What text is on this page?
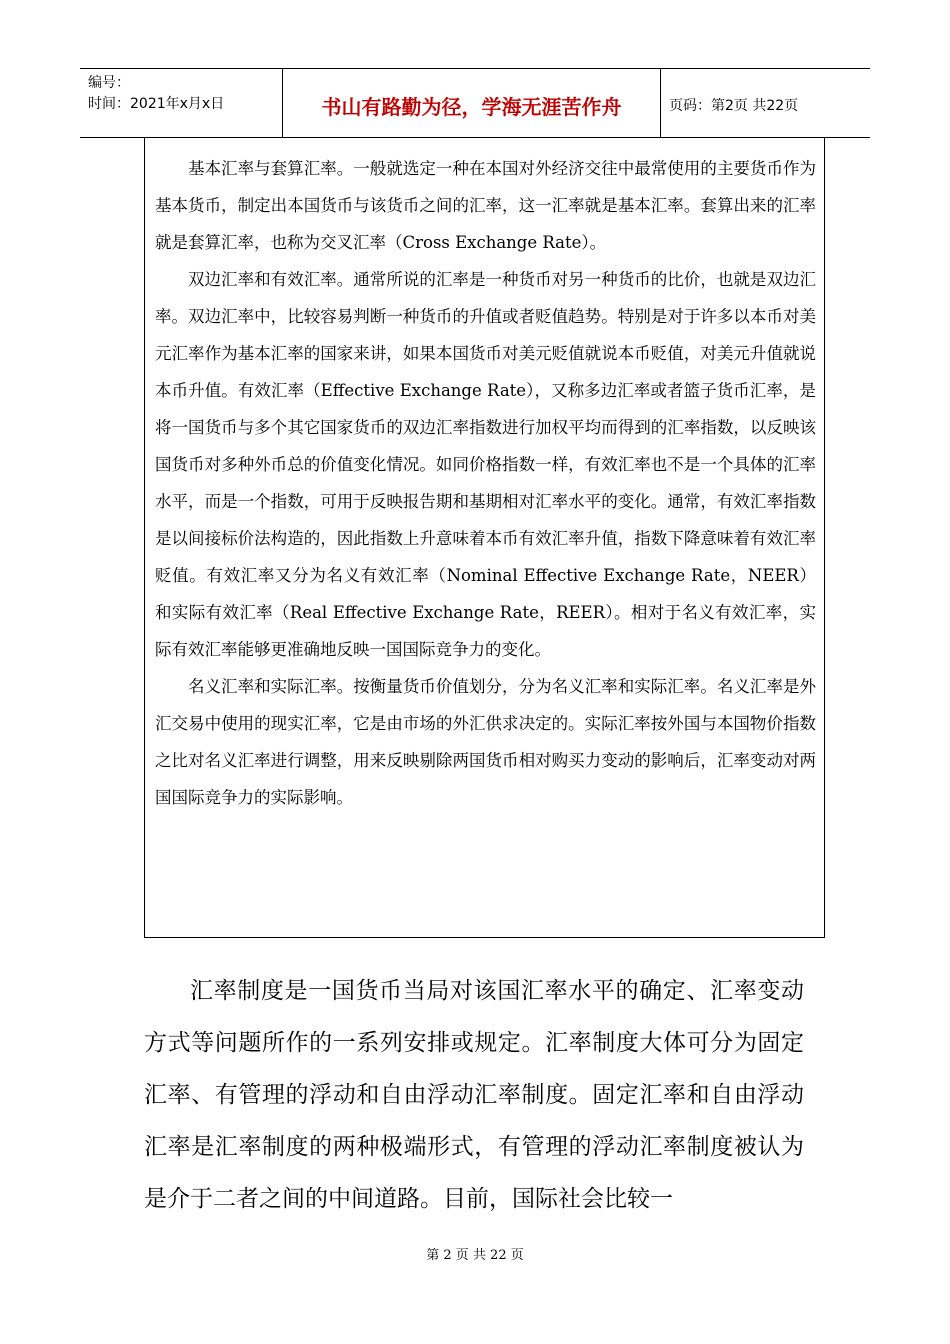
编号：
时间：2021年x月x日	书山有路勤为径，学海无涯苦作舟	页码：第2页 共22页

基本汇率与套算汇率。一般就选定一种在本国对外经济交往中最常使用的主要货币作为基本货币，制定出本国货币与该货币之间的汇率，这一汇率就是基本汇率。套算出来的汇率就是套算汇率，也称为交叉汇率（Cross Exchange Rate）。

双边汇率和有效汇率。通常所说的汇率是一种货币对另一种货币的比价，也就是双边汇率。双边汇率中，比较容易判断一种货币的升值或者贬值趋势。特别是对于许多以本币对美元汇率作为基本汇率的国家来讲，如果本国货币对美元贬值就说本币贬值，对美元升值就说本币升值。有效汇率（Effective Exchange Rate），又称多边汇率或者篮子货币汇率，是将一国货币与多个其它国家货币的双边汇率指数进行加权平均而得到的汇率指数，以反映该国货币对多种外币总的价值变化情况。如同价格指数一样，有效汇率也不是一个具体的汇率水平，而是一个指数，可用于反映报告期和基期相对汇率水平的变化。通常，有效汇率指数是以间接标价法构造的，因此指数上升意味着本币有效汇率升值，指数下降意味着有效汇率贬值。有效汇率又分为名义有效汇率（Nominal Effective Exchange Rate，NEER）和实际有效汇率（Real Effective Exchange Rate，REER）。相对于名义有效汇率，实际有效汇率能够更准确地反映一国国际竞争力的变化。

名义汇率和实际汇率。按衡量货币价值划分，分为名义汇率和实际汇率。名义汇率是外汇交易中使用的现实汇率，它是由市场的外汇供求决定的。实际汇率按外国与本国物价指数之比对名义汇率进行调整，用来反映剔除两国货币相对购买力变动的影响后，汇率变动对两国国际竞争力的实际影响。

汇率制度是一国货币当局对该国汇率水平的确定、汇率变动方式等问题所作的一系列安排或规定。汇率制度大体可分为固定汇率、有管理的浮动和自由浮动汇率制度。固定汇率和自由浮动汇率是汇率制度的两种极端形式，有管理的浮动汇率制度被认为是介于二者之间的中间道路。目前，国际社会比较一

第 2 页 共 22 页
